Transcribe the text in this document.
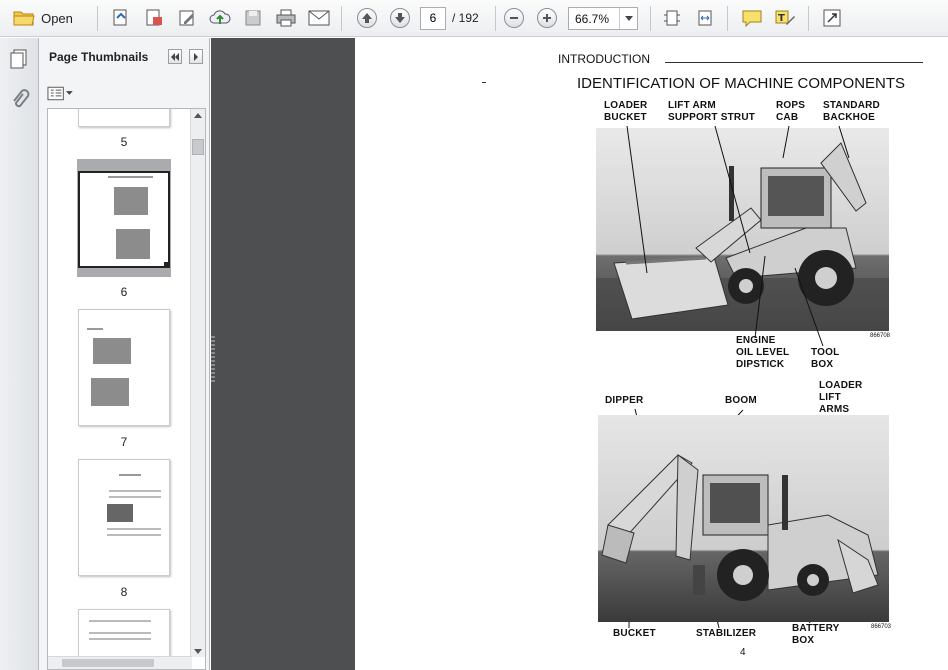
Open	6	/ 192	66.7%	T
Page Thumbnails
5
6
7
8
INTRODUCTION
IDENTIFICATION OF MACHINE COMPONENTS
LOADER
BUCKET
LIFT ARM
SUPPORT STRUT
ROPS
CAB
STANDARD
BACKHOE
866708
ENGINE
OIL LEVEL
DIPSTICK
TOOL
BOX
DIPPER	BOOM
LOADER
LIFT
ARMS
866703
BUCKET	STABILIZER	BATTERY
BOX
4
